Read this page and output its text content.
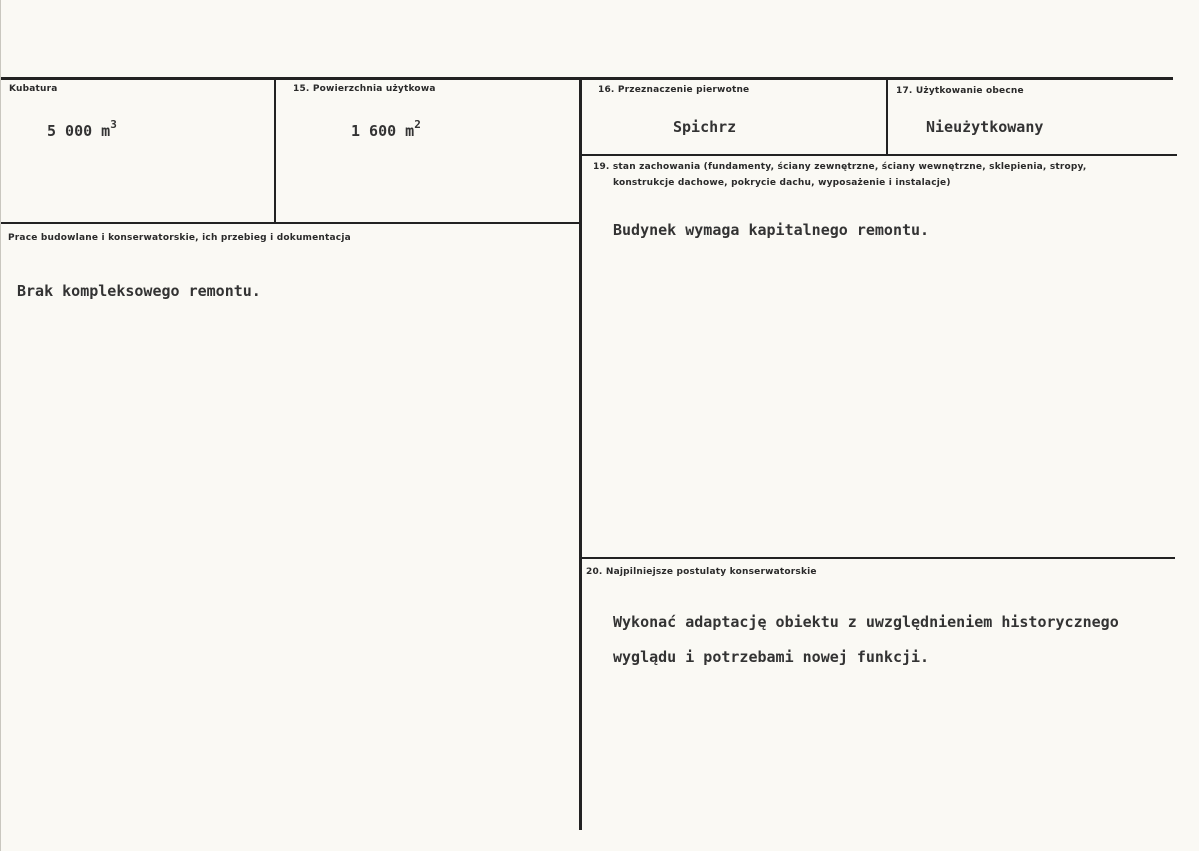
Kubatura
5 000 $m^3$
15. Powierzchnia użytkowa
1 600 $m^2$
16. Przeznaczenie pierwotne
Spichrz
17. Użytkowanie obecne
Nieużytkowany
Prace budowlane i konserwatorskie, ich przebieg i dokumentacja
Brak kompleksowego remontu.
19. stan zachowania (fundamenty, ściany zewnętrzne, ściany wewnętrzne, sklepienia, stropy,
konstrukcje dachowe, pokrycie dachu, wyposażenie i instalacje)
Budynek wymaga kapitalnego remontu.
20. Najpilniejsze postulaty konserwatorskie
Wykonać adaptację obiektu z uwzględnieniem historycznego
wyglądu i potrzebami nowej funkcji.
